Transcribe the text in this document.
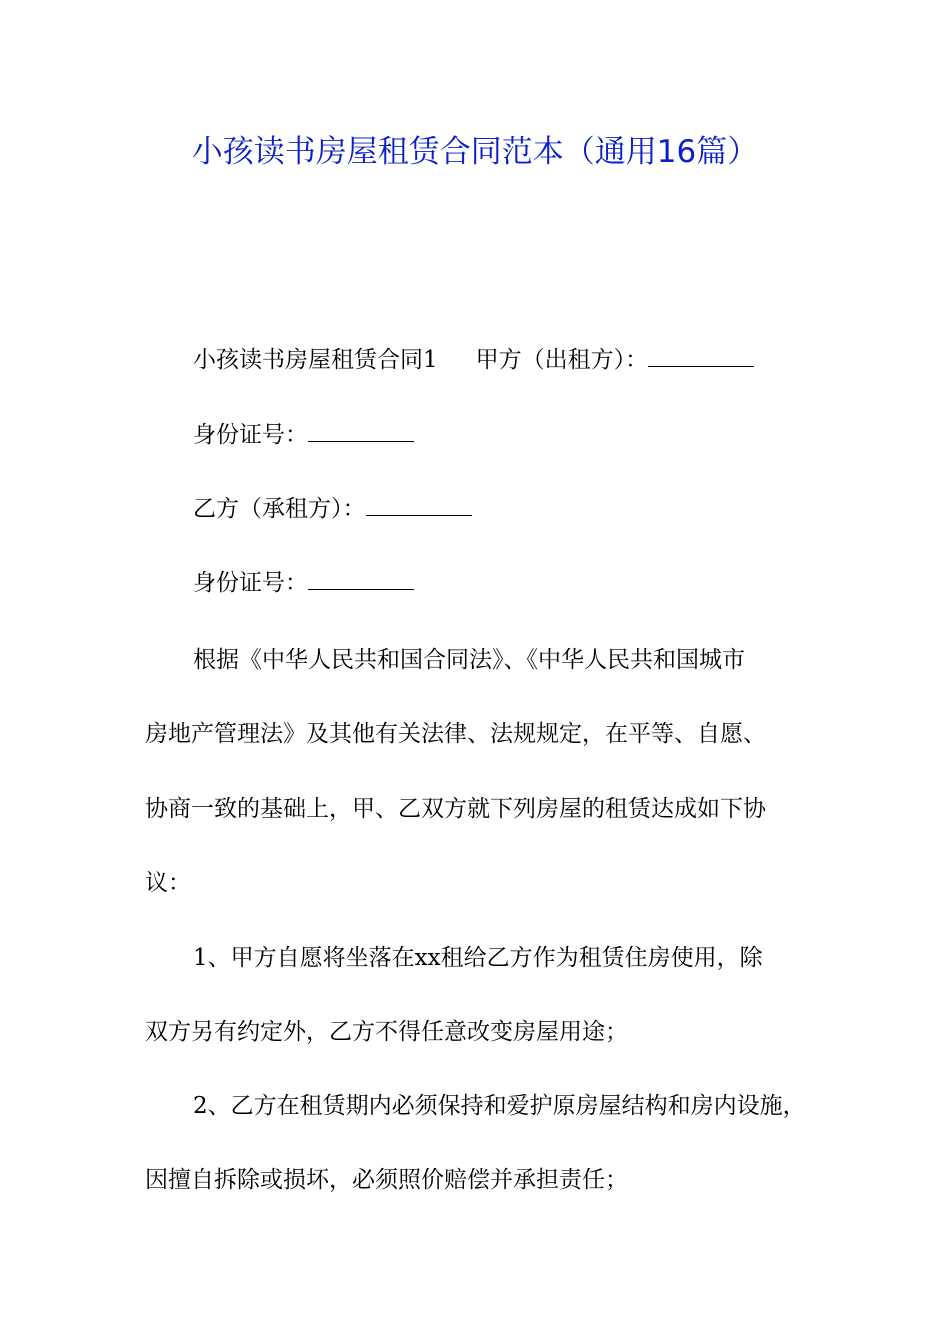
小孩读书房屋租赁合同范本（通用16篇）

小孩读书房屋租赁合同1 甲方（出租方）：

身份证号：

乙方（承租方）：

身份证号：

根据《中华人民共和国合同法》、《中华人民共和国城市

房地产管理法》及其他有关法律、法规规定，在平等、自愿、

协商一致的基础上，甲、乙双方就下列房屋的租赁达成如下协

议：

1、甲方自愿将坐落在xx租给乙方作为租赁住房使用，除

双方另有约定外，乙方不得任意改变房屋用途；

2、乙方在租赁期内必须保持和爱护原房屋结构和房内设施，

因擅自拆除或损坏，必须照价赔偿并承担责任；
